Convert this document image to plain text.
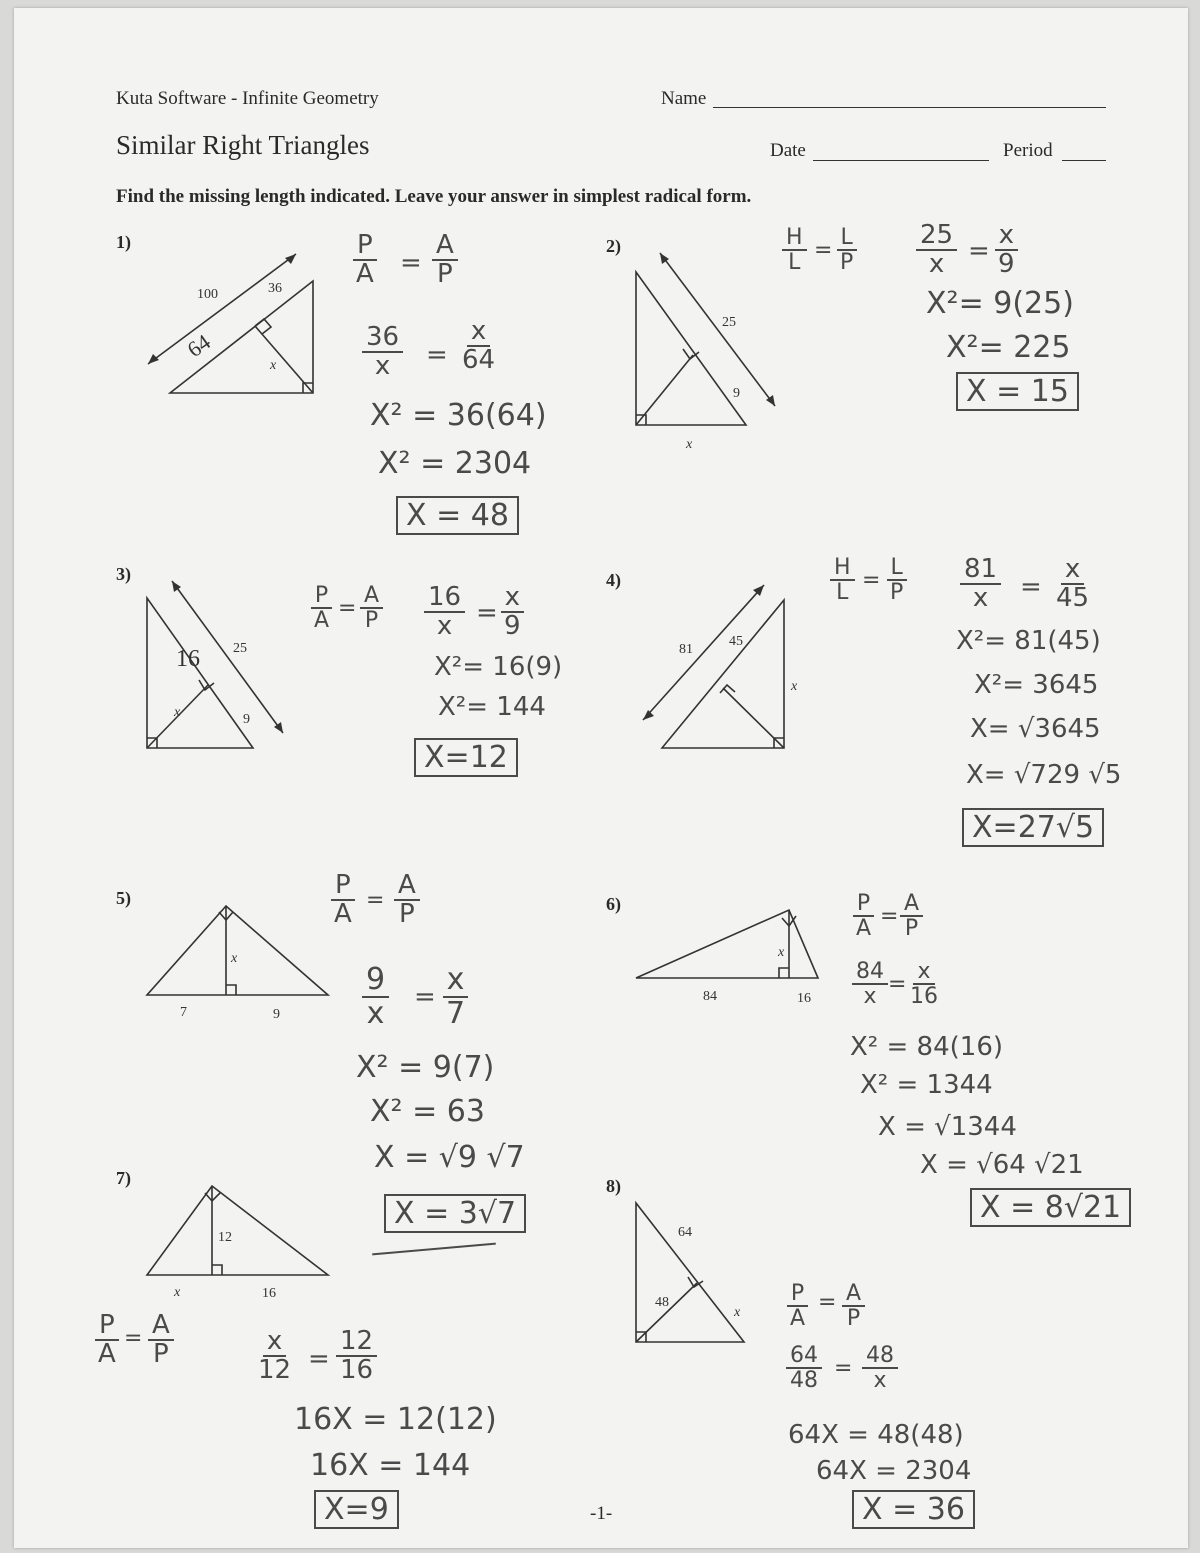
Kuta Software - Infinite Geometry	Name
Similar Right Triangles	Date	Period
Find the missing length indicated. Leave your answer in simplest radical form.
1)	2)
3)	4)
5)	6)
7)	8)
100	36
x
25
9
x
25
9
x
81
45
x
7	9
x
84	16
x
12
x	16
64
48
x
64
16
$\frac{P}{A} = \frac{A}{P}$
$\frac{36}{x} = \frac{x}{64}$
X² = 36(64)
X² = 2304
X = 48
$\frac{H}{L} = \frac{L}{P} \frac{25}{x} = \frac{x}{9}$
X²= 9(25)
X²= 225
X = 15
$\frac{P}{A} = \frac{A}{P} \frac{16}{x} = \frac{x}{9}$
X²= 16(9)
X²= 144
X=12
$\frac{H}{L} = \frac{L}{P} \frac{81}{x} = \frac{x}{45}$
X²= 81(45)
X²= 3645
X= √3645
X= √729 √5
X=27√5
$\frac{P}{A} = \frac{A}{P}$
$\frac{9}{x} = \frac{x}{7}$
X² = 9(7)
X² = 63
X = √9 √7
X = 3√7
$\frac{P}{A} = \frac{A}{P}$
$\frac{84}{x} = \frac{x}{16}$
X² = 84(16)
X² = 1344
X = √1344
X = √64 √21
X = 8√21
$\frac{P}{A} = \frac{A}{P}$	$\frac{x}{12} = \frac{12}{16}$
16X = 12(12)
16X = 144
X=9
$\frac{P}{A} = \frac{A}{P}$
$\frac{64}{48} = \frac{48}{x}$
64X = 48(48)
64X = 2304
X = 36
-1-
